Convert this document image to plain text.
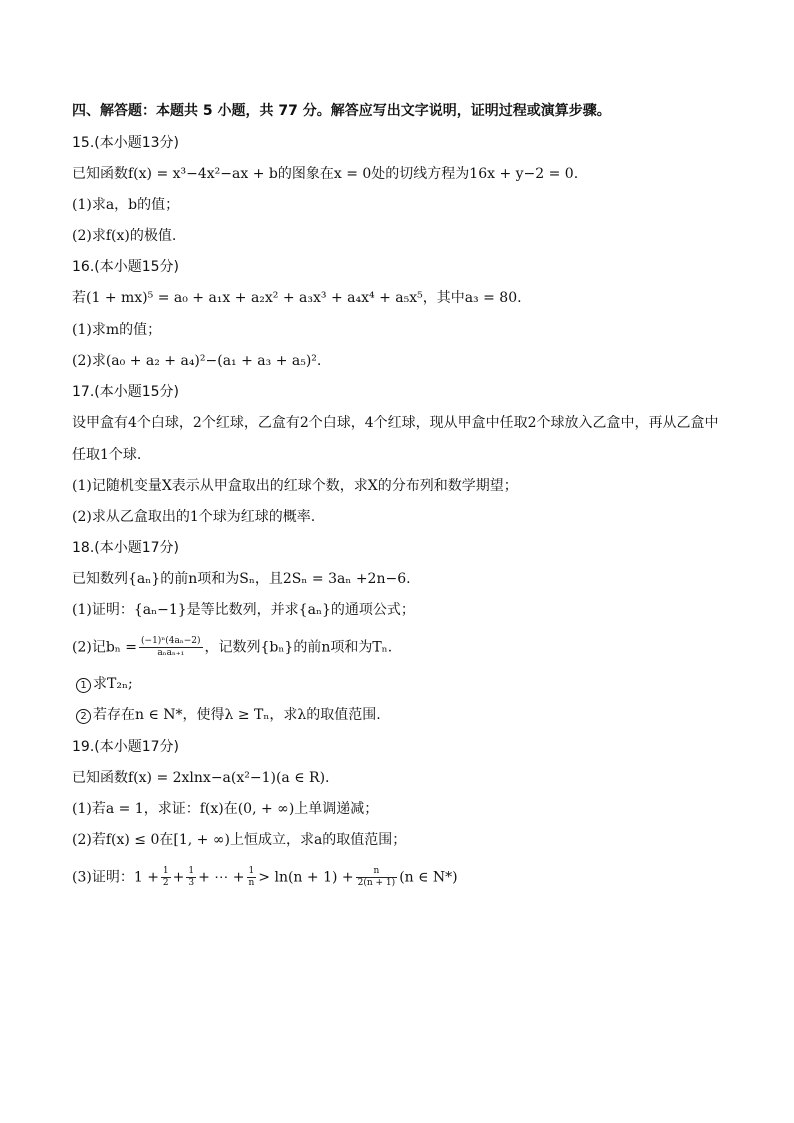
四、解答题：本题共 5 小题，共 77 分。解答应写出文字说明，证明过程或演算步骤。
15.(本小题13分)
已知函数f(x) = x³−4x²−ax + b的图象在x = 0处的切线方程为16x + y−2 = 0.
(1)求a，b的值；
(2)求f(x)的极值.
16.(本小题15分)
若(1 + mx)⁵ = a₀ + a₁x + a₂x² + a₃x³ + a₄x⁴ + a₅x⁵，其中a₃ = 80.
(1)求m的值；
(2)求(a₀ + a₂ + a₄)²−(a₁ + a₃ + a₅)².
17.(本小题15分)
设甲盒有4个白球，2个红球，乙盒有2个白球，4个红球，现从甲盒中任取2个球放入乙盒中，再从乙盒中
任取1个球.
(1)记随机变量X表示从甲盒取出的红球个数，求X的分布列和数学期望；
(2)求从乙盒取出的1个球为红球的概率.
18.(本小题17分)
已知数列{aₙ}的前n项和为Sₙ，且2Sₙ = 3aₙ +2n−6.
(1)证明：{aₙ−1}是等比数列，并求{aₙ}的通项公式；
(2)记$b_n = \frac{\text{(−1)ⁿ(4aₙ−2)}}{\text{aₙaₙ₊₁}}$ ，记数列{bₙ}的前n项和为Tₙ.
1 求T₂ₙ;
2 若存在n ∈ N*，使得λ ≥ Tₙ，求λ的取值范围.
19.(本小题17分)
已知函数f(x) = 2xlnx−a(x²−1)(a ∈ R).
(1)若a = 1，求证：f(x)在(0, + ∞)上单调递减；
(2)若f(x) ≤ 0在[1, + ∞)上恒成立，求a的取值范围；
(3)证明：$1 + \frac{1}{2} + \frac{1}{3}$ + ⋯ + $\frac{1}{n} > \ln(n + 1) + \frac{n}{2(n + 1)} (n$ ∈ N*)
